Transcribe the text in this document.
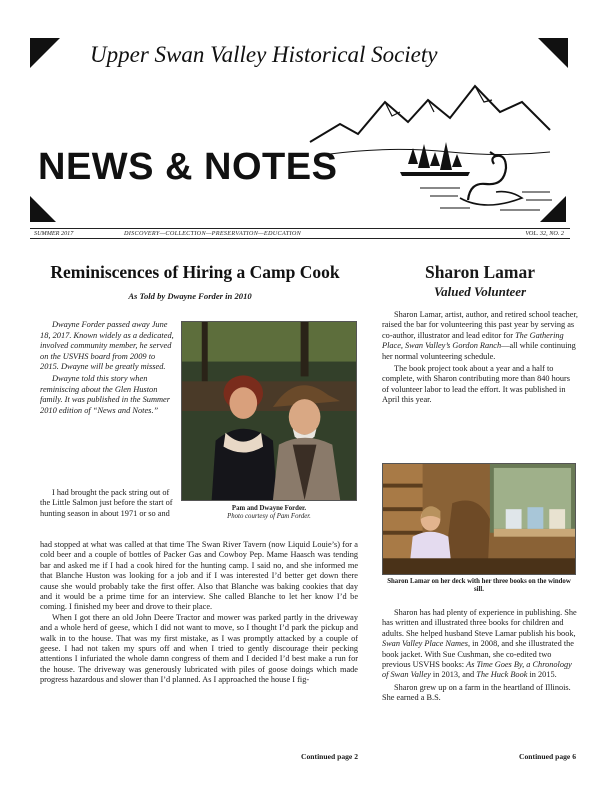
Upper Swan Valley Historical Society
NEWS & NOTES
SUMMER 2017	DISCOVERY—COLLECTION—PRESERVATION—EDUCATION	VOL. 32, NO. 2
Reminiscences of Hiring a Camp Cook
As Told by Dwayne Forder in 2010

Dwayne Forder passed away June 18, 2017. Known widely as a dedicated, involved community member, he served on the USVHS board from 2009 to 2015. Dwayne will be greatly missed.

Dwayne told this story when reminiscing about the Glen Huston family. It was published in the Summer 2010 edition of “News and Notes.”

Pam and Dwayne Forder.
Photo courtesy of Pam Forder.
I had brought the pack string out of the Little Salmon just before the start of hunting season in about 1971 or so and

had stopped at what was called at that time The Swan River Tavern (now Liquid Louie’s) for a cold beer and a couple of bottles of Packer Gas and Cowboy Pep. Mame Haasch was tending bar and asked me if I had a cook hired for the hunting camp. I said no, and she informed me that Blanche Huston was looking for a job and if I was interested I’d better get down there cause she would probably take the first offer. Also that Blanche was baking cookies that day and it would be a prime time for an interview. She called Blanche to let her know I’d be coming. I finished my beer and drove to their place.

When I got there an old John Deere Tractor and mower was parked partly in the driveway and a whole herd of geese, which I did not want to move, so I thought I’d park the pickup and walk in to the house. That was my first mistake, as I was promptly attacked by a couple of geese. I had not taken my spurs off and when I tried to gently discourage their pecking attentions I infuriated the whole damn congress of them and I decided I’d best make a run for the house. The driveway was generously lubricated with piles of goose doings which made progress hazardous and slower than I’d planned. As I approached the house I fig-

Continued page 2
Sharon Lamar
Valued Volunteer

Sharon Lamar, artist, author, and retired school teacher, raised the bar for volunteering this past year by serving as co-author, illustrator and lead editor for The Gathering Place, Swan Valley’s Gordon Ranch—all while continuing her normal volunteering schedule.

The book project took about a year and a half to complete, with Sharon contributing more than 840 hours of volunteer labor to lead the effort. It was published in April this year.

Sharon Lamar on her deck with her three books on the window sill.

Sharon has had plenty of experience in publishing. She has written and illustrated three books for children and adults. She helped husband Steve Lamar publish his book, Swan Valley Place Names, in 2008, and she illustrated the book jacket. With Sue Cushman, she co-edited two previous USVHS books: As Time Goes By, a Chronology of Swan Valley in 2013, and The Huck Book in 2015.

Sharon grew up on a farm in the heartland of Illinois. She earned a B.S.

Continued page 6
